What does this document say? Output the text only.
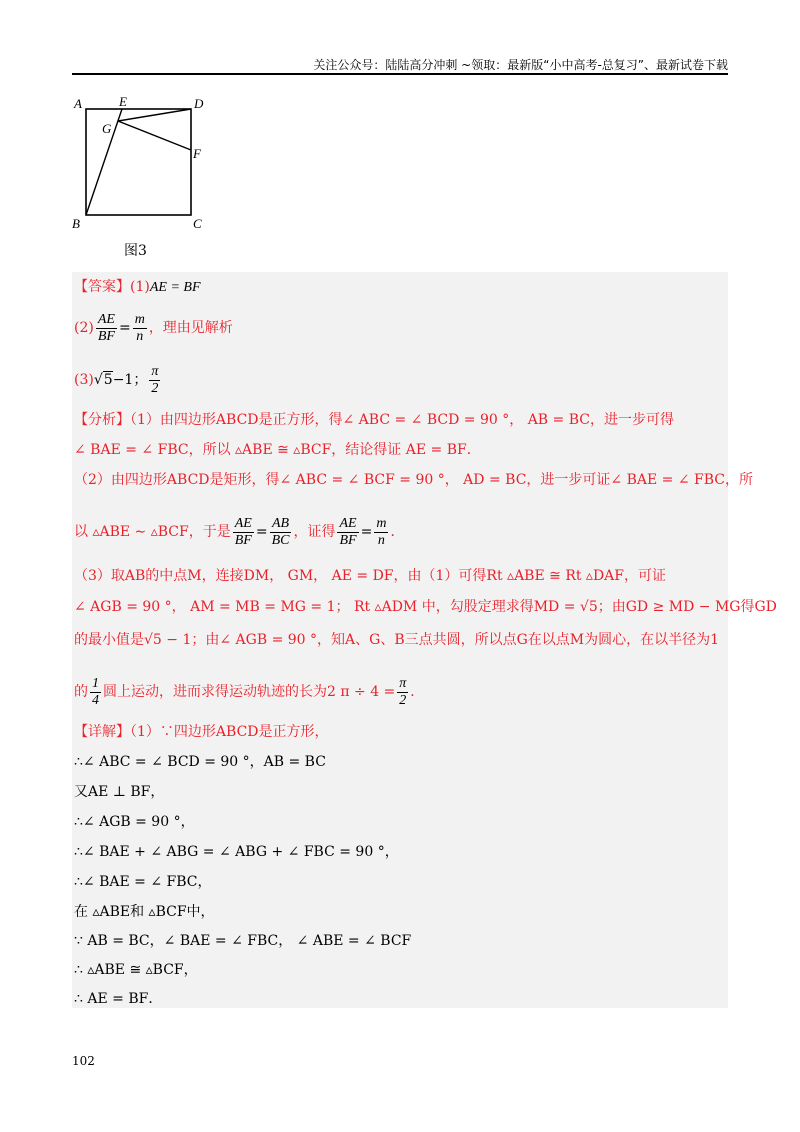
关注公众号：陆陆高分冲刺 ~领取：最新版“小中高考-总复习”、最新试卷下载
A	E	D
G
F
B	C
图3
【答案】(1)AE = BF
$(2) \frac{AE}{BF} = \frac{m}{n}$ ，理由见解析
(3)√5−1； $\frac{\pi}{2}$
【分析】（1）由四边形ABCD是正方形，得∠ ABC = ∠ BCD = 90 °， AB = BC，进一步可得
∠ BAE = ∠ FBC，所以 ▵ABE ≅ ▵BCF，结论得证 AE = BF．
（2）由四边形ABCD是矩形，得∠ ABC = ∠ BCF = 90 °， AD = BC，进一步可证∠ BAE = ∠ FBC，所
以 ▵ABE ∼ ▵BCF，于是 $\frac{AE}{BF} = \frac{AB}{BC}$ ，证得 $\frac{AE}{BF} = \frac{m}{n}$ ．
（3）取AB的中点M，连接DM， GM， AE = DF，由（1）可得Rt ▵ABE ≅ Rt ▵DAF，可证
∠ AGB = 90 °， AM = MB = MG = 1； Rt ▵ADM 中，勾股定理求得MD = √5；由GD ≥ MD − MG得GD
的最小值是√5 − 1；由∠ AGB = 90 °，知A、G、B三点共圆，所以点G在以点M为圆心，在以半径为1
的 $\frac{1}{4}$ 圆上运动，进而求得运动轨迹的长为2 $\pi \div 4 = \frac{\pi}{2}$ ．
【详解】（1）∵四边形ABCD是正方形，
∴∠ ABC = ∠ BCD = 90 °，AB = BC
又AE ⊥ BF，
∴∠ AGB = 90 °，
∴∠ BAE + ∠ ABG = ∠ ABG + ∠ FBC = 90 °，
∴∠ BAE = ∠ FBC，
在 ▵ABE和 ▵BCF中，
∵ AB = BC，∠ BAE = ∠ FBC， ∠ ABE = ∠ BCF
∴ ▵ABE ≅ ▵BCF，
∴ AE = BF．
102
